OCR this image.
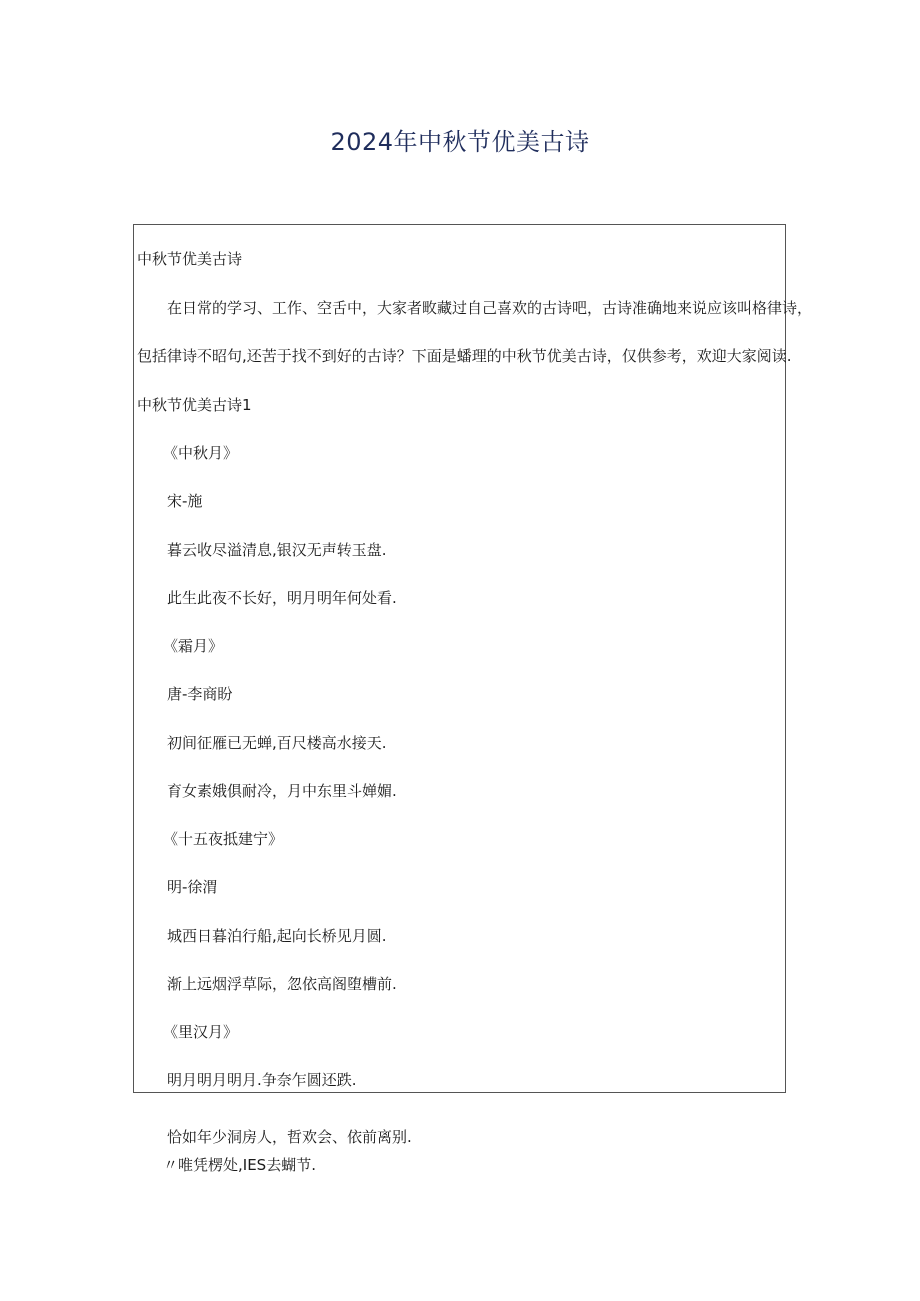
2024年中秋节优美古诗
中秋节优美古诗
在日常的学习、工作、空舌中，大家者畋藏过自己喜欢的古诗吧，古诗准确地来说应该叫格律诗，
包括律诗不昭句,还苦于找不到好的古诗？下面是蟠理的中秋节优美古诗，仅供参考，欢迎大家阅读.
中秋节优美古诗1
《中秋月》
宋-施
暮云收尽溢清息,银汉无声转玉盘.
此生此夜不长好，明月明年何处看.
《霜月》
唐-李商盼
初间征雁已无蝉,百尺楼高水接天.
育女素娥俱耐冷，月中东里斗婵媚.
《十五夜抵建宁》
明-徐渭
城西日暮泊行船,起向长桥见月圆.
渐上远烟浮草际，忽依高阁堕槽前.
《里汉月》
明月明月明月.争奈乍圆还跌.
恰如年少洞房人，哲欢会、依前离别.
〃唯凭楞处,IES去蝴节.
